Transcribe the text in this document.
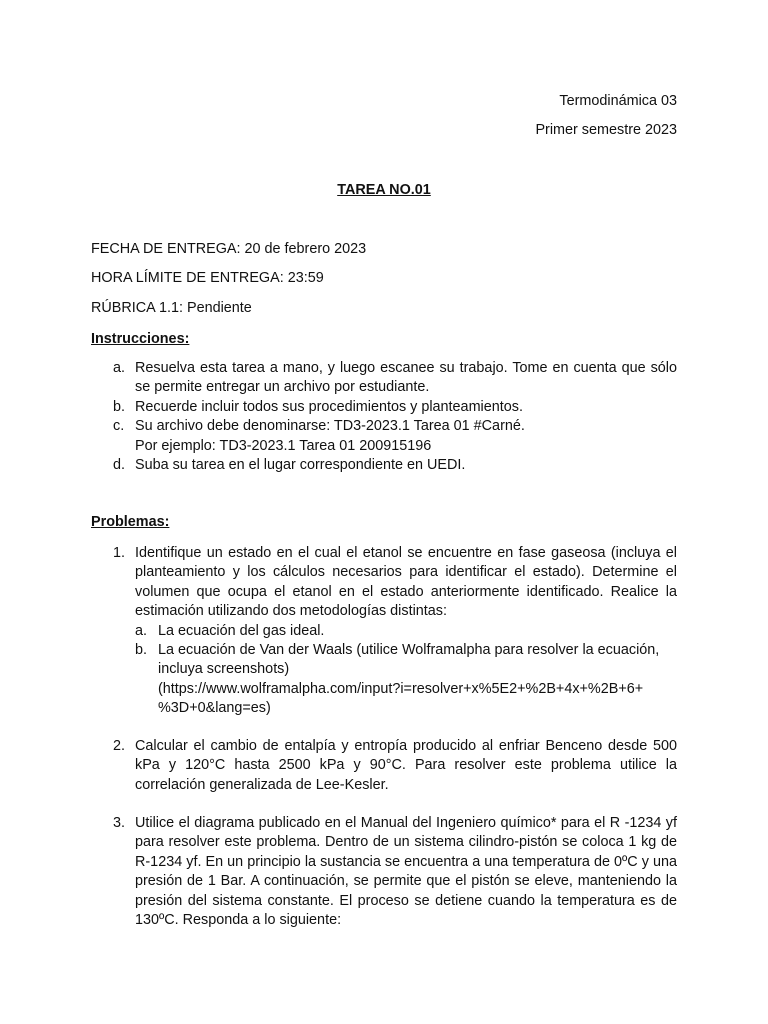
Termodinámica 03
Primer semestre 2023
TAREA NO.01
FECHA DE ENTREGA: 20 de febrero 2023
HORA LÍMITE DE ENTREGA: 23:59
RÚBRICA 1.1: Pendiente
Instrucciones:
a. Resuelva esta tarea a mano, y luego escanee su trabajo. Tome en cuenta que sólo se permite entregar un archivo por estudiante.
b. Recuerde incluir todos sus procedimientos y planteamientos.
c. Su archivo debe denominarse: TD3-2023.1 Tarea 01 #Carné.
Por ejemplo: TD3-2023.1 Tarea 01 200915196
d. Suba su tarea en el lugar correspondiente en UEDI.
Problemas:
1. Identifique un estado en el cual el etanol se encuentre en fase gaseosa (incluya el planteamiento y los cálculos necesarios para identificar el estado). Determine el volumen que ocupa el etanol en el estado anteriormente identificado. Realice la estimación utilizando dos metodologías distintas:
a. La ecuación del gas ideal.
b. La ecuación de Van der Waals (utilice Wolframalpha para resolver la ecuación, incluya screenshots)
(https://www.wolframalpha.com/input?i=resolver+x%5E2+%2B+4x+%2B+6+
%3D+0&lang=es)
2. Calcular el cambio de entalpía y entropía producido al enfriar Benceno desde 500 kPa y 120°C hasta 2500 kPa y 90°C. Para resolver este problema utilice la correlación generalizada de Lee-Kesler.
3. Utilice el diagrama publicado en el Manual del Ingeniero químico* para el R -1234 yf para resolver este problema. Dentro de un sistema cilindro-pistón se coloca 1 kg de R-1234 yf. En un principio la sustancia se encuentra a una temperatura de 0ºC y una presión de 1 Bar. A continuación, se permite que el pistón se eleve, manteniendo la presión del sistema constante. El proceso se detiene cuando la temperatura es de 130ºC. Responda a lo siguiente:
